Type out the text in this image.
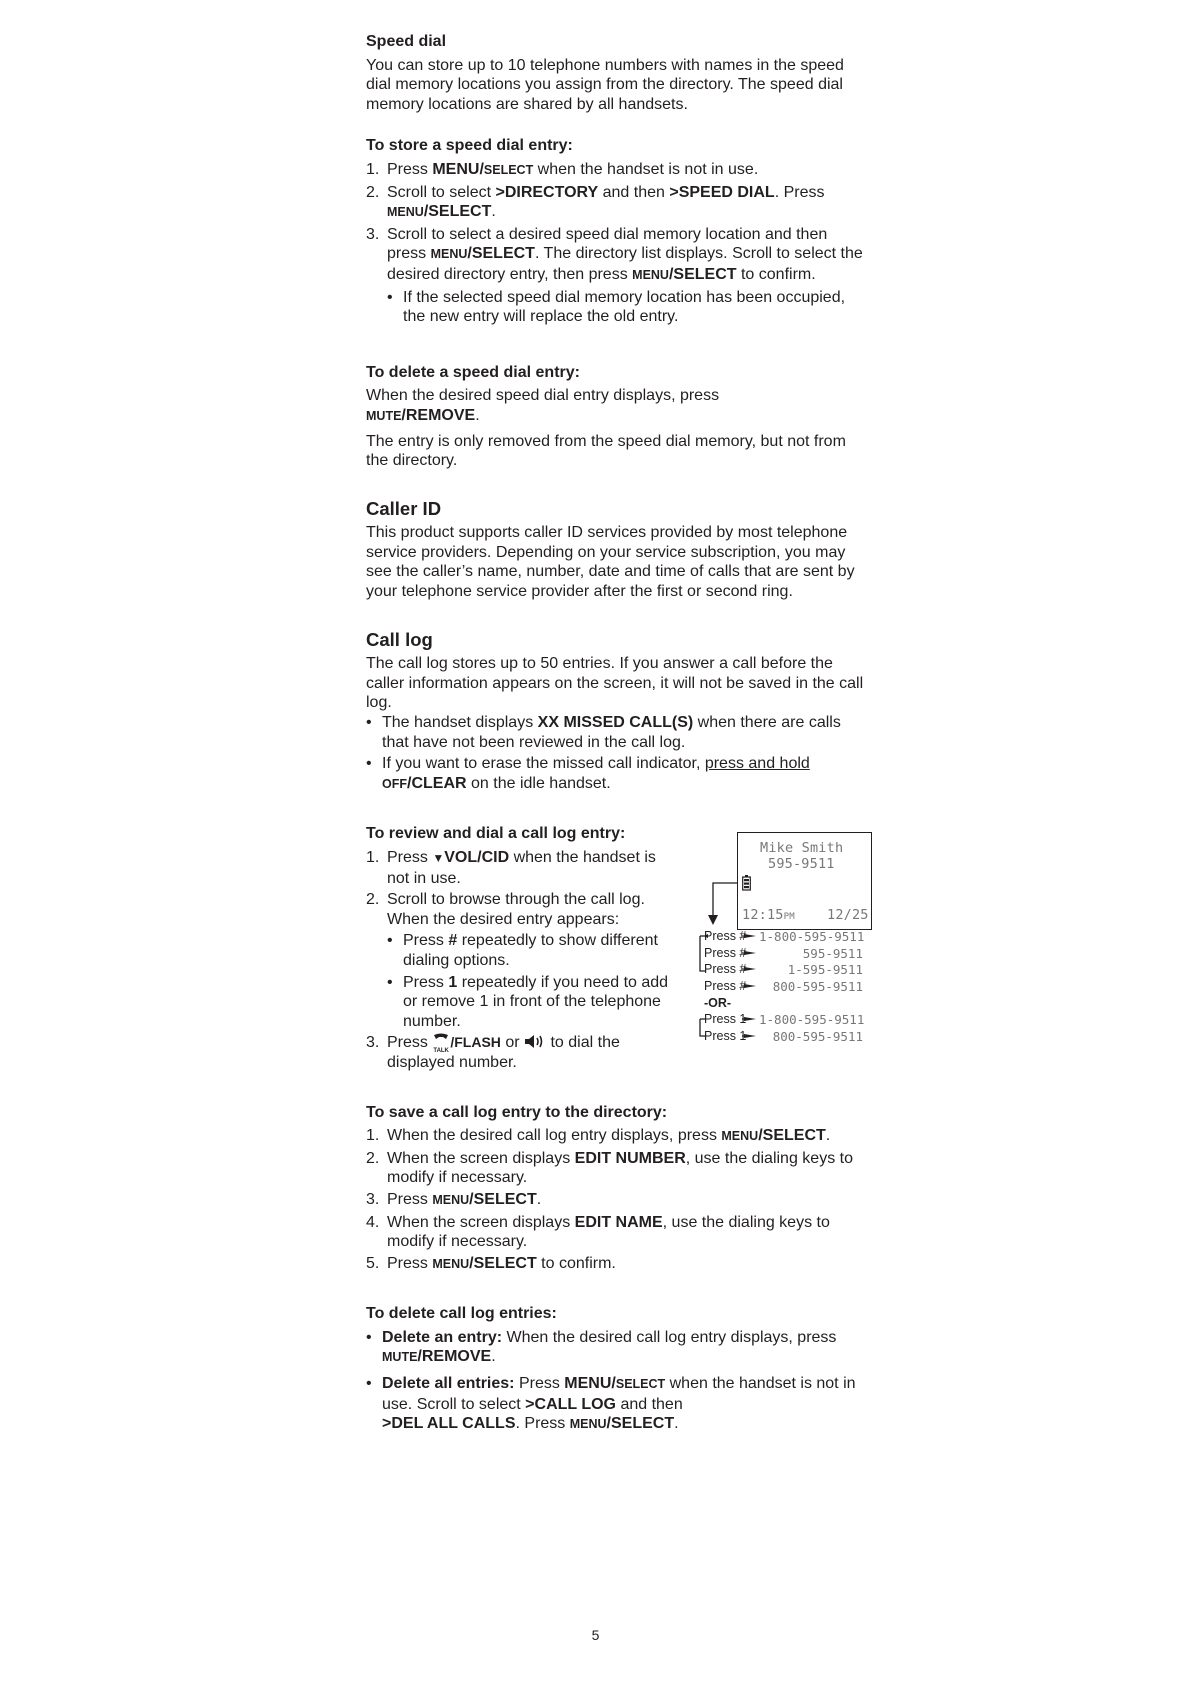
Speed dial

You can store up to 10 telephone numbers with names in the speed dial memory locations you assign from the directory. The speed dial memory locations are shared by all handsets.

To store a speed dial entry:
1. Press MENU/SELECT when the handset is not in use.
2. Scroll to select >DIRECTORY and then >SPEED DIAL. Press
MENU/SELECT.
3. Scroll to select a desired speed dial memory location and then press MENU/SELECT. The directory list displays. Scroll to select the desired directory entry, then press MENU/SELECT to confirm.
• If the selected speed dial memory location has been occupied, the new entry will replace the old entry.
To delete a speed dial entry:

When the desired speed dial entry displays, press
MUTE/REMOVE.

The entry is only removed from the speed dial memory, but not from the directory.

Caller ID

This product supports caller ID services provided by most telephone service providers. Depending on your service subscription, you may see the caller’s name, number, date and time of calls that are sent by your telephone service provider after the first or second ring.

Call log

The call log stores up to 50 entries. If you answer a call before the caller information appears on the screen, it will not be saved in the call log.

• The handset displays XX MISSED CALL(S) when there are calls that have not been reviewed in the call log.
• If you want to erase the missed call indicator, press and hold
OFF/CLEAR on the idle handset.
To review and dial a call log entry:
1. Press ▼VOL/CID when the handset is not in use.
2. Scroll to browse through the call log. When the desired entry appears:
• Press # repeatedly to show different dialing options.
• Press 1 repeatedly if you need to add or remove 1 in front of the telephone number.
3. Press TALK
/FLASH or  to dial the displayed number.
Mike Smith
595-9511
12:15PM 12/25
Press # 1-800-595-9511
Press #	595-9511
Press #	1-595-9511
Press #	800-595-9511
-OR-
Press 1 1-800-595-9511
Press 1	800-595-9511
To save a call log entry to the directory:
1. When the desired call log entry displays, press MENU/SELECT.
2. When the screen displays EDIT NUMBER, use the dialing keys to modify if necessary.
3. Press MENU/SELECT.
4. When the screen displays EDIT NAME, use the dialing keys to modify if necessary.
5. Press MENU/SELECT to confirm.
To delete call log entries:
• Delete an entry: When the desired call log entry displays, press MUTE/REMOVE.
• Delete all entries: Press MENU/SELECT when the handset is not in use. Scroll to select >CALL LOG and then
>DEL ALL CALLS. Press MENU/SELECT.
5
